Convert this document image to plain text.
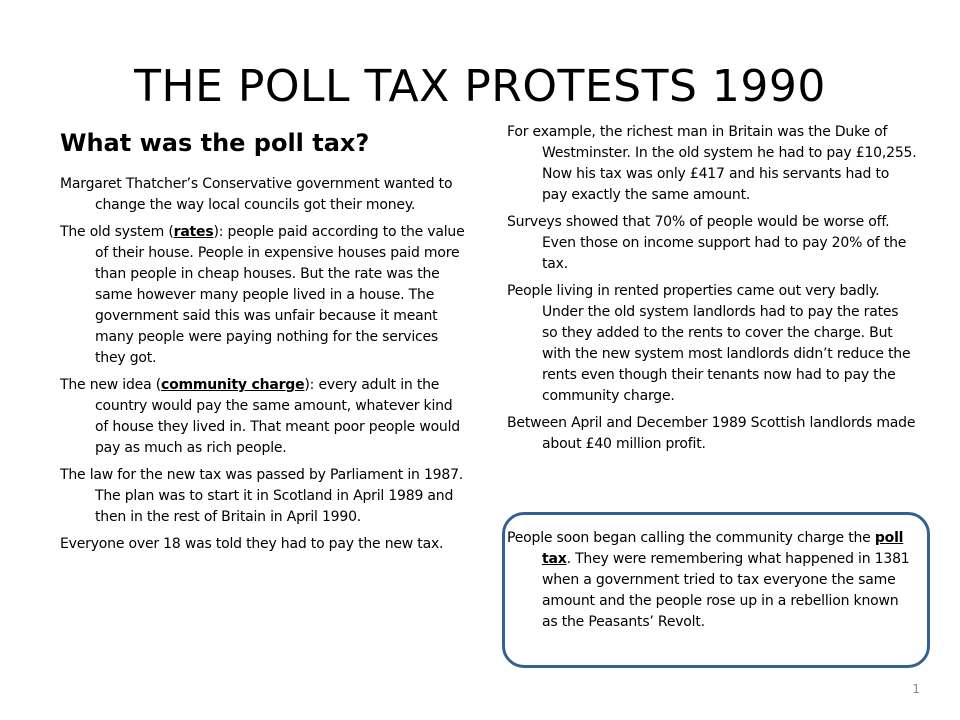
THE POLL TAX PROTESTS 1990
What was the poll tax?

Margaret Thatcher’s Conservative government wanted to change the way local councils got their money.

The old system (rates): people paid according to the value of their house. People in expensive houses paid more than people in cheap houses. But the rate was the same however many people lived in a house. The government said this was unfair because it meant many people were paying nothing for the services they got.

The new idea (community charge): every adult in the country would pay the same amount, whatever kind of house they lived in. That meant poor people would pay as much as rich people.

The law for the new tax was passed by Parliament in 1987. The plan was to start it in Scotland in April 1989 and then in the rest of Britain in April 1990.

Everyone over 18 was told they had to pay the new tax.

For example, the richest man in Britain was the Duke of Westminster. In the old system he had to pay £10,255. Now his tax was only £417 and his servants had to pay exactly the same amount.

Surveys showed that 70% of people would be worse off. Even those on income support had to pay 20% of the tax.

People living in rented properties came out very badly. Under the old system landlords had to pay the rates so they added to the rents to cover the charge. But with the new system most landlords didn’t reduce the rents even though their tenants now had to pay the community charge.

Between April and December 1989 Scottish landlords made about £40 million profit.

People soon began calling the community charge the poll tax. They were remembering what happened in 1381 when a government tried to tax everyone the same amount and the people rose up in a rebellion known as the Peasants’ Revolt.

1
